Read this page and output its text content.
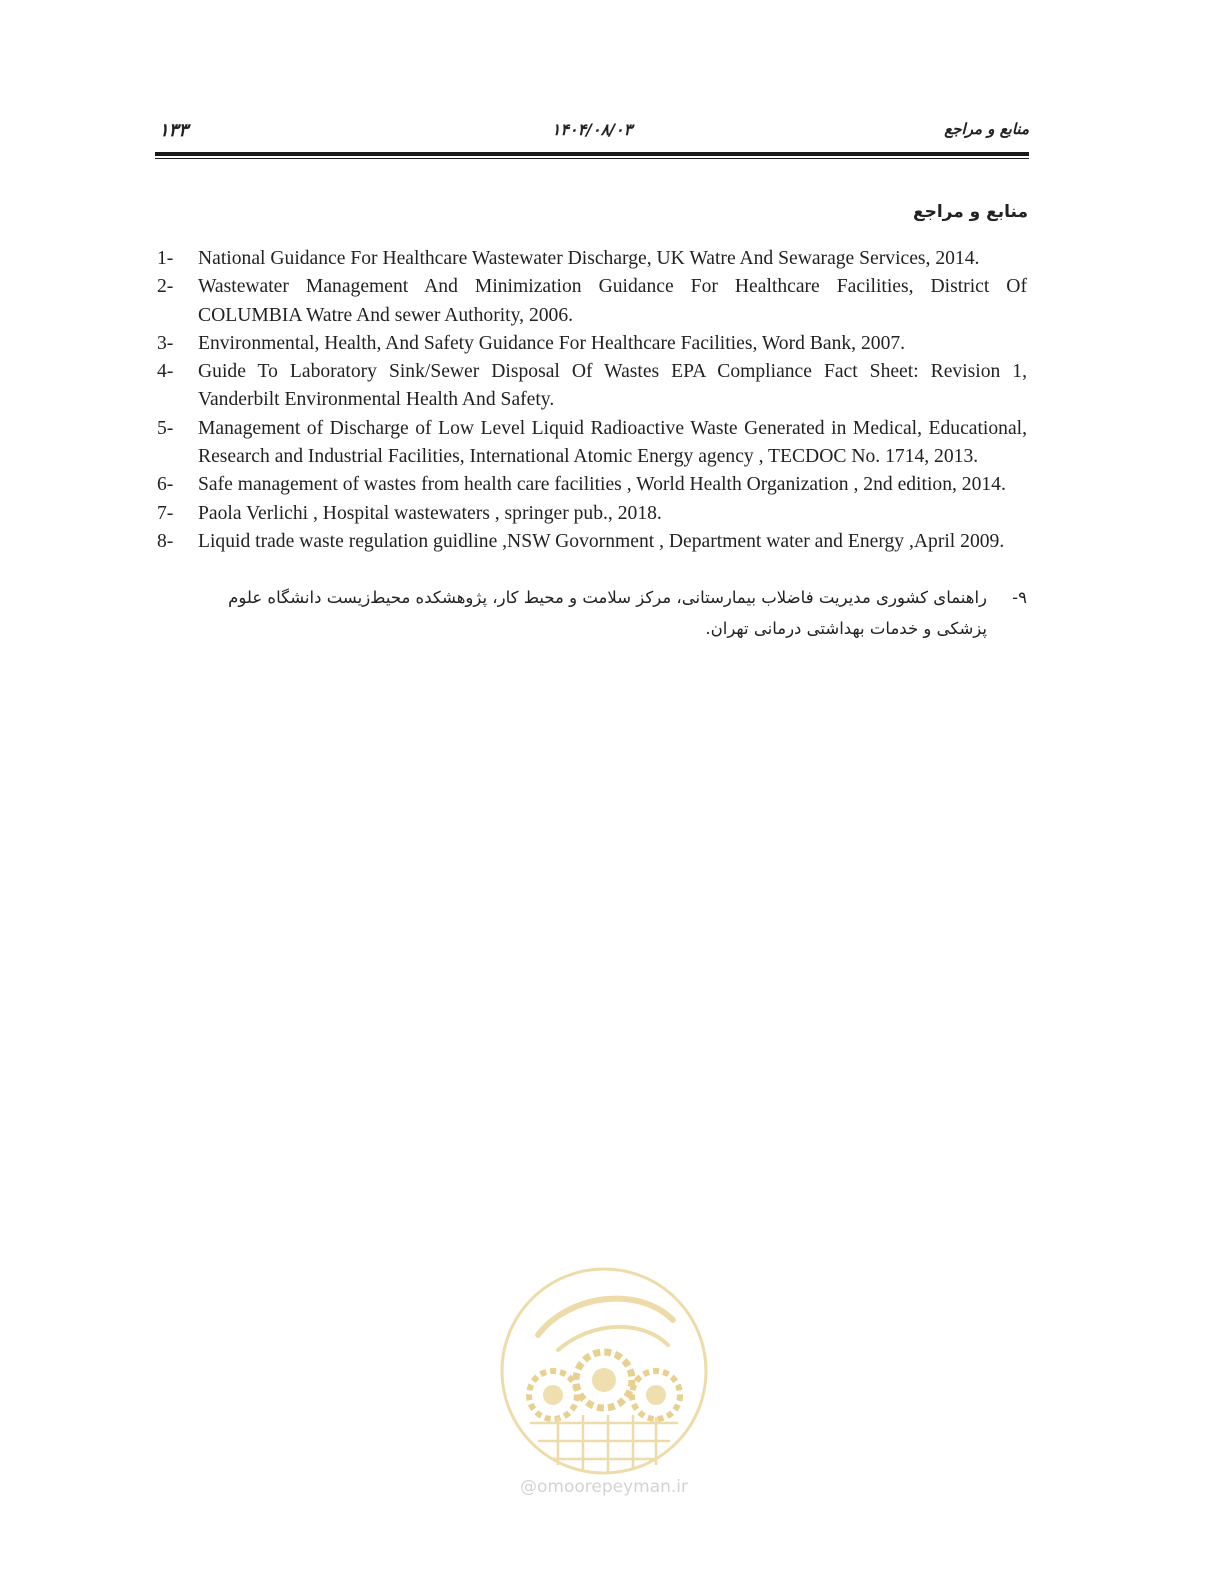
۱۳۳	۱۴۰۴/۰۸/۰۳	منابع و مراجع
منابع و مراجع
1- National Guidance For Healthcare Wastewater Discharge, UK Watre And Sewarage Services, 2014.
2- Wastewater Management And Minimization Guidance For Healthcare Facilities, District Of COLUMBIA Watre And sewer Authority, 2006.
3- Environmental, Health, And Safety Guidance For Healthcare Facilities, Word Bank, 2007.
4- Guide To Laboratory Sink/Sewer Disposal Of Wastes EPA Compliance Fact Sheet: Revision 1, Vanderbilt Environmental Health And Safety.
5- Management of Discharge of Low Level Liquid Radioactive Waste Generated in Medical, Educational, Research and Industrial Facilities, International Atomic Energy agency , TECDOC No. 1714, 2013.
6- Safe management of wastes from health care facilities , World Health Organization , 2nd edition, 2014.
7- Paola Verlichi , Hospital wastewaters , springer pub., 2018.
8- Liquid trade waste regulation guidline ,NSW Govornment , Department water and Energy ,April 2009.
۹-
راهنمای کشوری مدیریت فاضلاب بیمارستانی، مرکز سلامت و محیط کار، پژوهشکده محیط‌زیست دانشگاه علوم
پزشکی و خدمات بهداشتی درمانی تهران.
@omoorepeyman.ir
